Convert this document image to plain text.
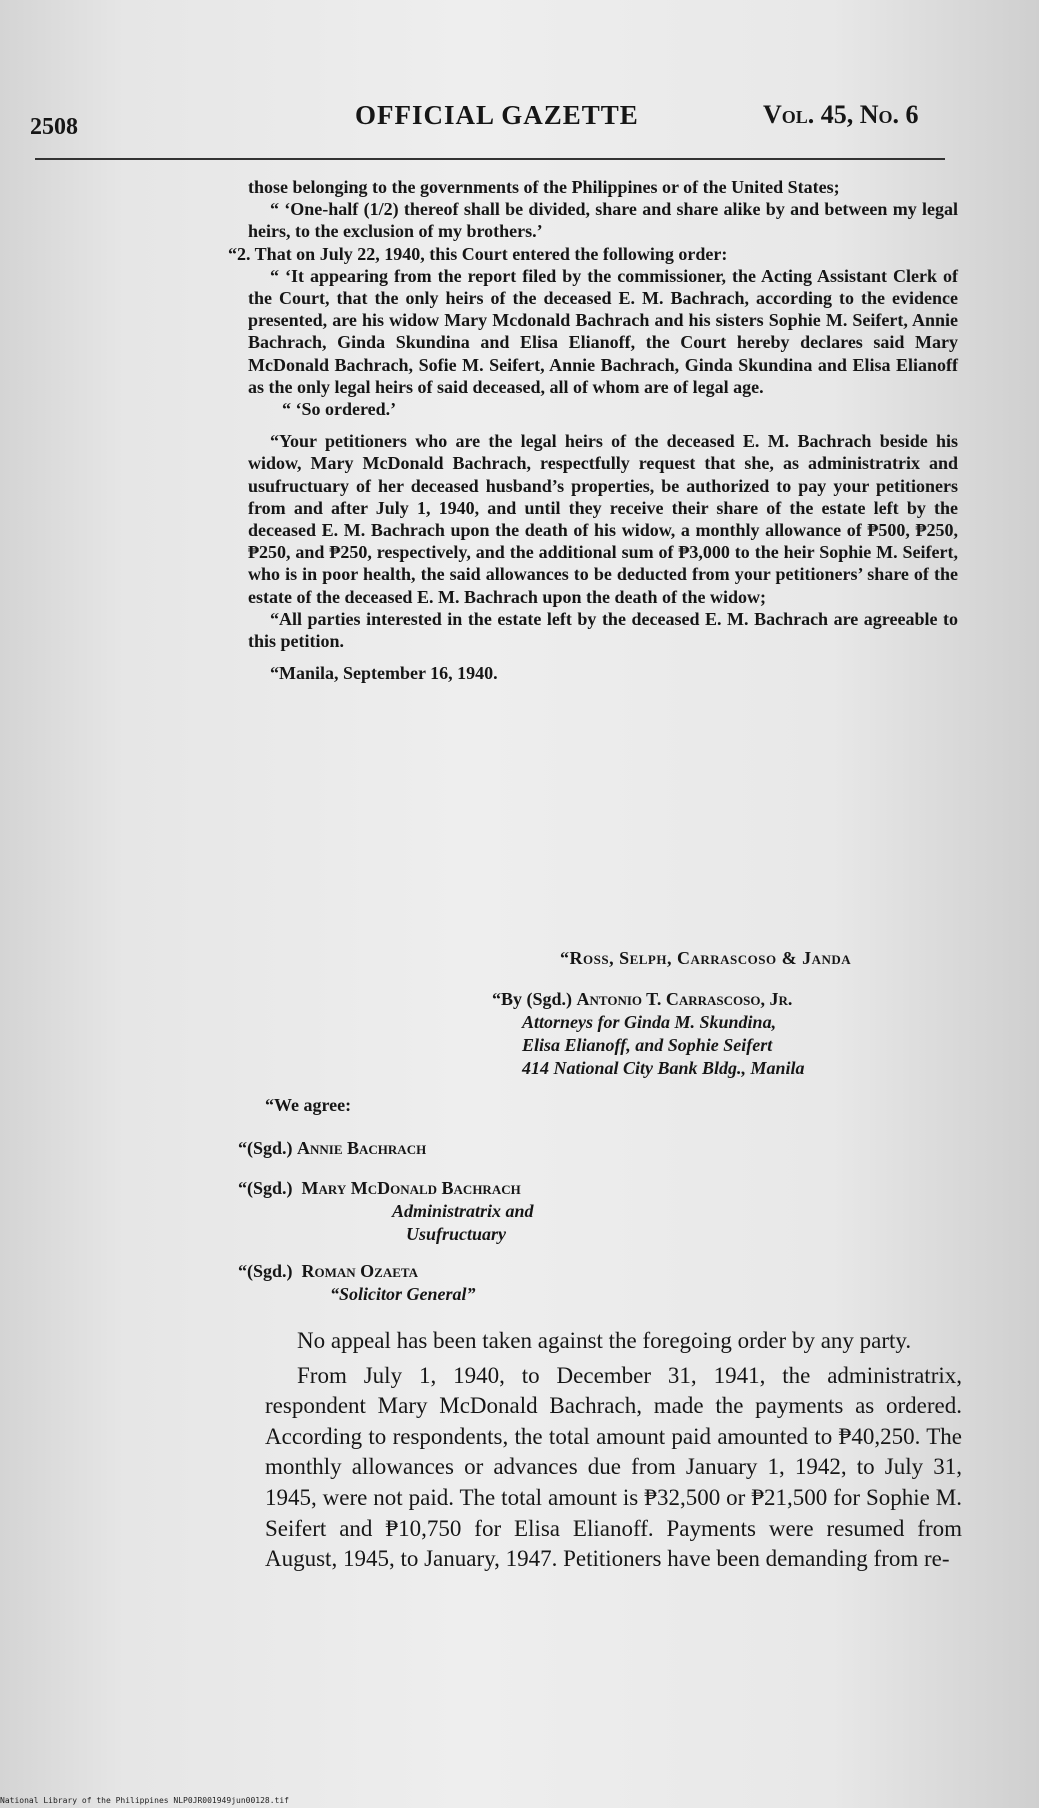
2508	OFFICIAL GAZETTE	Vol. 45, No. 6

those belonging to the governments of the Philippines or of the United States;

“ ‘One-half (1/2) thereof shall be divided, share and share alike by and between my legal heirs, to the exclusion of my brothers.’

“2. That on July 22, 1940, this Court entered the following order:

“ ‘It appearing from the report filed by the commissioner, the Acting Assistant Clerk of the Court, that the only heirs of the deceased E. M. Bachrach, according to the evidence presented, are his widow Mary Mcdonald Bachrach and his sisters Sophie M. Seifert, Annie Bachrach, Ginda Skundina and Elisa Elianoff, the Court hereby declares said Mary McDonald Bachrach, Sofie M. Seifert, Annie Bachrach, Ginda Skundina and Elisa Elianoff as the only legal heirs of said deceased, all of whom are of legal age.

“ ‘So ordered.’

“Your petitioners who are the legal heirs of the deceased E. M. Bachrach beside his widow, Mary McDonald Bachrach, respectfully request that she, as administratrix and usufructuary of her deceased husband’s properties, be authorized to pay your petitioners from and after July 1, 1940, and until they receive their share of the estate left by the deceased E. M. Bachrach upon the death of his widow, a monthly allowance of ₱500, ₱250, ₱250, and ₱250, respectively, and the additional sum of ₱3,000 to the heir Sophie M. Seifert, who is in poor health, the said allowances to be deducted from your petitioners’ share of the estate of the deceased E. M. Bachrach upon the death of the widow;

“All parties interested in the estate left by the deceased E. M. Bachrach are agreeable to this petition.

“Manila, September 16, 1940.

“Ross, Selph, Carrascoso & Janda
“By (Sgd.) Antonio T. Carrascoso, Jr.
Attorneys for Ginda M. Skundina,
Elisa Elianoff, and Sophie Seifert
414 National City Bank Bldg., Manila
“We agree:
“(Sgd.) Annie Bachrach
“(Sgd.) Mary McDonald Bachrach
Administratrix and
Usufructuary
“(Sgd.) Roman Ozaeta
“Solicitor General”

No appeal has been taken against the foregoing order by any party.

From July 1, 1940, to December 31, 1941, the administratrix, respondent Mary McDonald Bachrach, made the payments as ordered. According to respondents, the total amount paid amounted to ₱40,250. The monthly allowances or advances due from January 1, 1942, to July 31, 1945, were not paid. The total amount is ₱32,500 or ₱21,500 for Sophie M. Seifert and ₱10,750 for Elisa Elianoff. Payments were resumed from August, 1945, to January, 1947. Petitioners have been demanding from re-

National Library of the Philippines NLP0JR001949jun00128.tif
